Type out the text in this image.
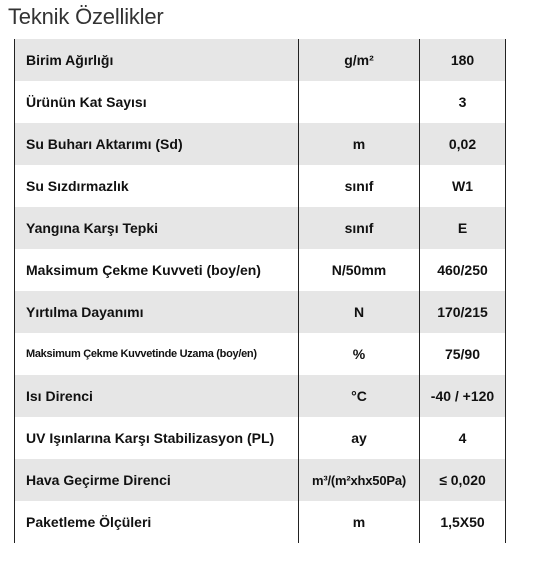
Teknik Özellikler
Birim Ağırlığı	g/m²	180
Ürünün Kat Sayısı		3
Su Buharı Aktarımı (Sd)	m	0,02
Su Sızdırmazlık	sınıf	W1
Yangına Karşı Tepki	sınıf	E
Maksimum Çekme Kuvveti (boy/en)	N/50mm	460/250
Yırtılma Dayanımı	N	170/215
Maksimum Çekme Kuvvetinde Uzama (boy/en)	%	75/90
Isı Direnci	°C	-40 / +120
UV Işınlarına Karşı Stabilizasyon (PL)	ay	4
Hava Geçirme Direnci	m³/(m²xhx50Pa)	≤ 0,020
Paketleme Ölçüleri	m	1,5X50
